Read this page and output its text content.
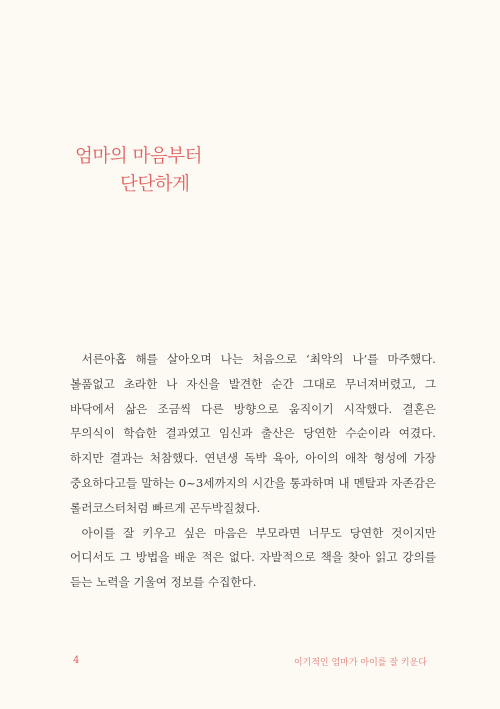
엄마의 마음부터
단단하게

서른아홉 해를 살아오며 나는 처음으로 ‘최악의 나’를 마주했다. 볼품없고 초라한 나 자신을 발견한 순간 그대로 무너져버렸고, 그 바닥에서 삶은 조금씩 다른 방향으로 움직이기 시작했다. 결혼은 무의식이 학습한 결과였고 임신과 출산은 당연한 수순이라 여겼다. 하지만 결과는 처참했다. 연년생 독박 육아, 아이의 애착 형성에 가장 중요하다고들 말하는 0~3세까지의 시간을 통과하며 내 멘탈과 자존감은 롤러코스터처럼 빠르게 곤두박질쳤다.

아이를 잘 키우고 싶은 마음은 부모라면 너무도 당연한 것이지만 어디서도 그 방법을 배운 적은 없다. 자발적으로 책을 찾아 읽고 강의를 듣는 노력을 기울여 정보를 수집한다.

4	이기적인 엄마가 아이를 잘 키운다
